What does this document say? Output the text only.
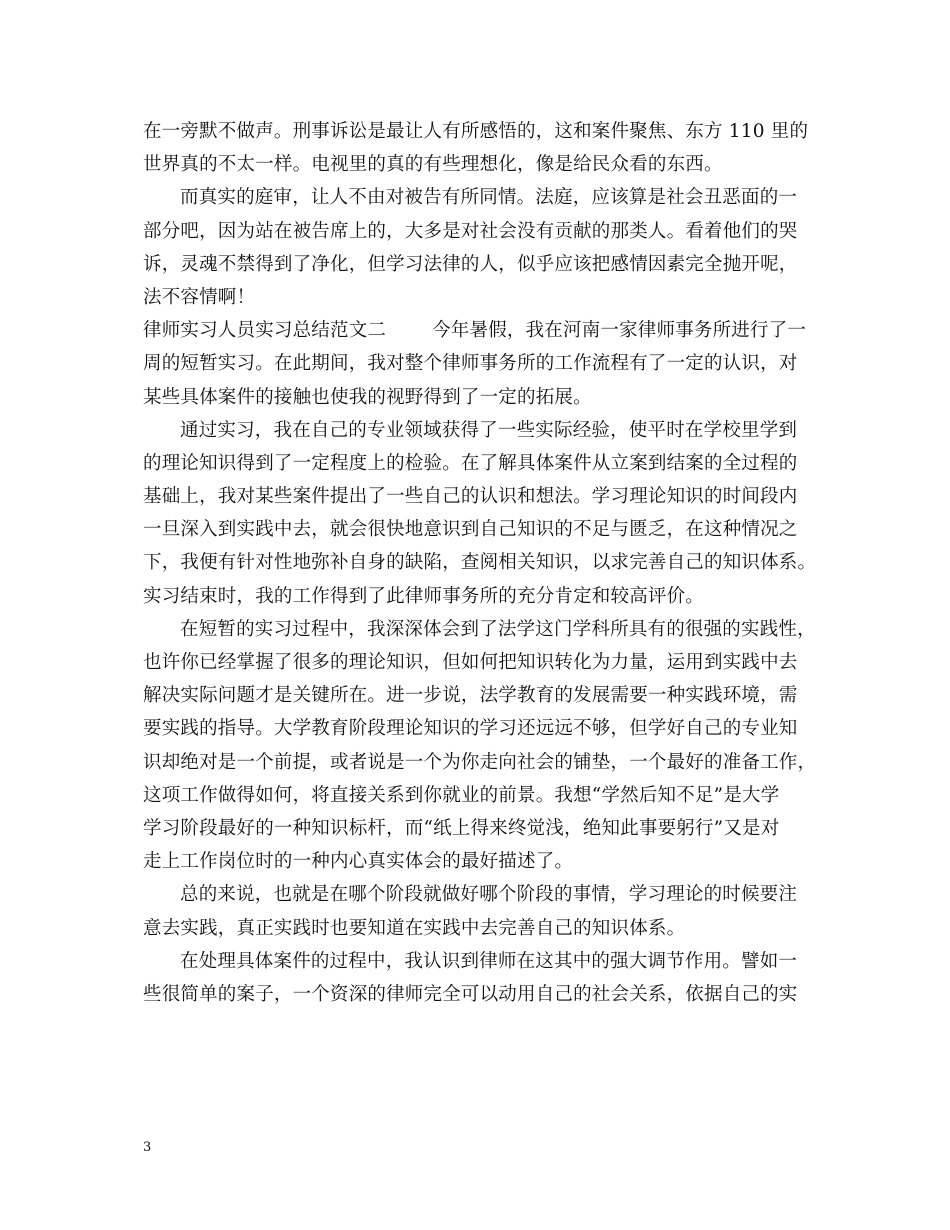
在一旁默不做声。刑事诉讼是最让人有所感悟的，这和案件聚焦、东方 110 里的
世界真的不太一样。电视里的真的有些理想化，像是给民众看的东西。
而真实的庭审，让人不由对被告有所同情。法庭，应该算是社会丑恶面的一
部分吧，因为站在被告席上的，大多是对社会没有贡献的那类人。看着他们的哭
诉，灵魂不禁得到了净化，但学习法律的人，似乎应该把感情因素完全抛开呢，
法不容情啊！
律师实习人员实习总结范文二 今年暑假，我在河南一家律师事务所进行了一
周的短暂实习。在此期间，我对整个律师事务所的工作流程有了一定的认识，对
某些具体案件的接触也使我的视野得到了一定的拓展。
通过实习，我在自己的专业领域获得了一些实际经验，使平时在学校里学到
的理论知识得到了一定程度上的检验。在了解具体案件从立案到结案的全过程的
基础上，我对某些案件提出了一些自己的认识和想法。学习理论知识的时间段内
一旦深入到实践中去，就会很快地意识到自己知识的不足与匮乏，在这种情况之
下，我便有针对性地弥补自身的缺陷，查阅相关知识，以求完善自己的知识体系。
实习结束时，我的工作得到了此律师事务所的充分肯定和较高评价。
在短暂的实习过程中，我深深体会到了法学这门学科所具有的很强的实践性，
也许你已经掌握了很多的理论知识，但如何把知识转化为力量，运用到实践中去
解决实际问题才是关键所在。进一步说，法学教育的发展需要一种实践环境，需
要实践的指导。大学教育阶段理论知识的学习还远远不够，但学好自己的专业知
识却绝对是一个前提，或者说是一个为你走向社会的铺垫，一个最好的准备工作，
这项工作做得如何，将直接关系到你就业的前景。我想“学然后知不足”是大学
学习阶段最好的一种知识标杆，而“纸上得来终觉浅，绝知此事要躬行”又是对
走上工作岗位时的一种内心真实体会的最好描述了。
总的来说，也就是在哪个阶段就做好哪个阶段的事情，学习理论的时候要注
意去实践，真正实践时也要知道在实践中去完善自己的知识体系。
在处理具体案件的过程中，我认识到律师在这其中的强大调节作用。譬如一
些很简单的案子，一个资深的律师完全可以动用自己的社会关系，依据自己的实
3
